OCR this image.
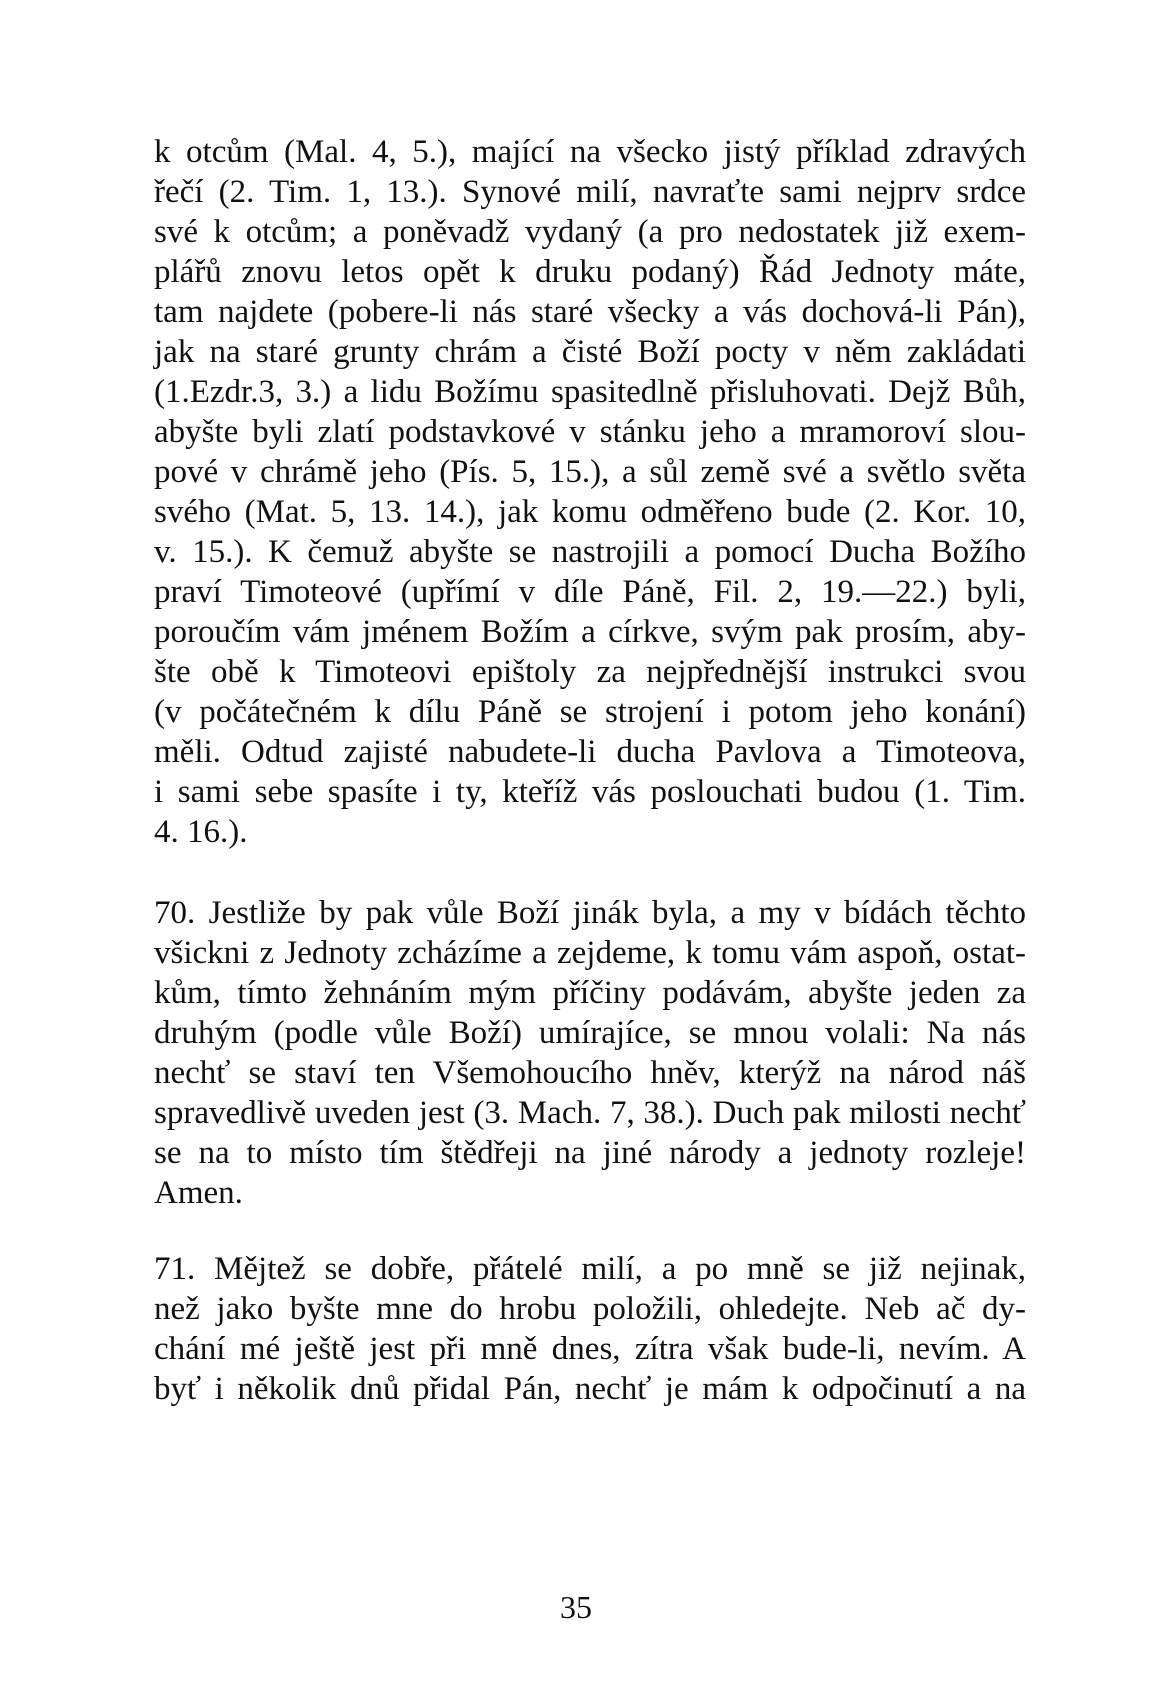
k otcům (Mal. 4, 5.), mající na všecko jistý příklad zdravých
řečí (2. Tim. 1, 13.). Synové milí, navraťte sami nejprv srdce
své k otcům; a poněvadž vydaný (a pro nedostatek již exem-
plářů znovu letos opět k druku podaný) Řád Jednoty máte,
tam najdete (pobere-li nás staré všecky a vás dochová-li Pán),
jak na staré grunty chrám a čisté Boží pocty v něm zakládati
(1.Ezdr.3, 3.) a lidu Božímu spasitedlně přisluhovati. Dejž Bůh,
abyšte byli zlatí podstavkové v stánku jeho a mramoroví slou-
pové v chrámě jeho (Pís. 5, 15.), a sůl země své a světlo světa
svého (Mat. 5, 13. 14.), jak komu odměřeno bude (2. Kor. 10,
v. 15.). K čemuž abyšte se nastrojili a pomocí Ducha Božího
praví Timoteové (upřímí v díle Páně, Fil. 2, 19.—22.) byli,
poroučím vám jménem Božím a církve, svým pak prosím, aby-
šte obě k Timoteovi epištoly za nejpřednější instrukci svou
(v počátečném k dílu Páně se strojení i potom jeho konání)
měli. Odtud zajisté nabudete-li ducha Pavlova a Timoteova,
i sami sebe spasíte i ty, kteříž vás poslouchati budou (1. Tim.
4. 16.).
70. Jestliže by pak vůle Boží jinák byla, a my v bídách těchto
všickni z Jednoty zcházíme a zejdeme, k tomu vám aspoň, ostat-
kům, tímto žehnáním mým příčiny podávám, abyšte jeden za
druhým (podle vůle Boží) umírajíce, se mnou volali: Na nás
nechť se staví ten Všemohoucího hněv, kterýž na národ náš
spravedlivě uveden jest (3. Mach. 7, 38.). Duch pak milosti nechť
se na to místo tím štědřeji na jiné národy a jednoty rozleje!
Amen.
71. Mějtež se dobře, přátelé milí, a po mně se již nejinak,
než jako byšte mne do hrobu položili, ohledejte. Neb ač dy-
chání mé ještě jest při mně dnes, zítra však bude-li, nevím. A
byť i několik dnů přidal Pán, nechť je mám k odpočinutí a na
35
